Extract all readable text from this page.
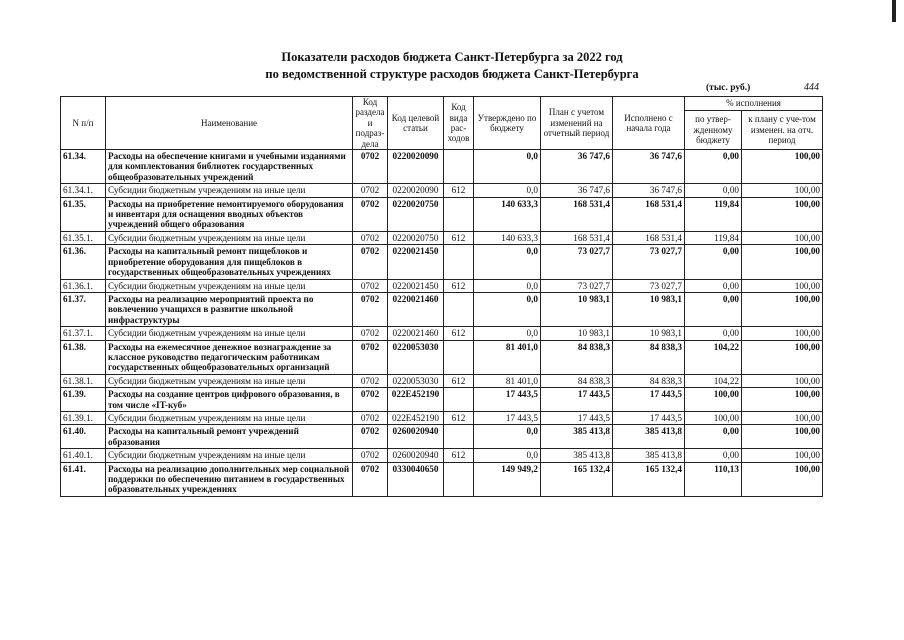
Показатели расходов бюджета Санкт-Петербурга за 2022 год
по ведомственной структуре расходов бюджета Санкт-Петербурга
(тыс. руб.)	444
N п/п	Наименование	Код раздела и подраз-дела	Код целевой статьи	Код вида рас-ходов	Утверждено по бюджету	План с учетом изменений на отчетный период	Исполнено с начала года	% исполнения	
								по утвер-жденному бюджету	к плану с уче-том изменен. на отч. период
61.34.	Расходы на обеспечение книгами и учебными изданиями для комплектования библиотек государственных общеобразовательных учреждений	0702	0220020090		0,0	36 747,6	36 747,6	0,00	100,00
61.34.1.	Субсидии бюджетным учреждениям на иные цели	0702	0220020090	612	0,0	36 747,6	36 747,6	0,00	100,00
61.35.	Расходы на приобретение немонтируемого оборудования и инвентаря для оснащения вводных объектов учреждений общего образования	0702	0220020750		140 633,3	168 531,4	168 531,4	119,84	100,00
61.35.1.	Субсидии бюджетным учреждениям на иные цели	0702	0220020750	612	140 633,3	168 531,4	168 531,4	119,84	100,00
61.36.	Расходы на капитальный ремонт пищеблоков и приобретение оборудования для пищеблоков в государственных общеобразовательных учреждениях	0702	0220021450		0,0	73 027,7	73 027,7	0,00	100,00
61.36.1.	Субсидии бюджетным учреждениям на иные цели	0702	0220021450	612	0,0	73 027,7	73 027,7	0,00	100,00
61.37.	Расходы на реализацию мероприятий проекта по вовлечению учащихся в развитие школьной инфраструктуры	0702	0220021460		0,0	10 983,1	10 983,1	0,00	100,00
61.37.1.	Субсидии бюджетным учреждениям на иные цели	0702	0220021460	612	0,0	10 983,1	10 983,1	0,00	100,00
61.38.	Расходы на ежемесячное денежное вознаграждение за классное руководство педагогическим работникам государственных общеобразовательных организаций	0702	0220053030		81 401,0	84 838,3	84 838,3	104,22	100,00
61.38.1.	Субсидии бюджетным учреждениям на иные цели	0702	0220053030	612	81 401,0	84 838,3	84 838,3	104,22	100,00
61.39.	Расходы на создание центров цифрового образования, в том числе «IT-куб»	0702	022E452190		17 443,5	17 443,5	17 443,5	100,00	100,00
61.39.1.	Субсидии бюджетным учреждениям на иные цели	0702	022E452190	612	17 443,5	17 443,5	17 443,5	100,00	100,00
61.40.	Расходы на капитальный ремонт учреждений образования	0702	0260020940		0,0	385 413,8	385 413,8	0,00	100,00
61.40.1.	Субсидии бюджетным учреждениям на иные цели	0702	0260020940	612	0,0	385 413,8	385 413,8	0,00	100,00
61.41.	Расходы на реализацию дополнительных мер социальной поддержки по обеспечению питанием в государственных образовательных учреждениях	0702	0330040650		149 949,2	165 132,4	165 132,4	110,13	100,00
